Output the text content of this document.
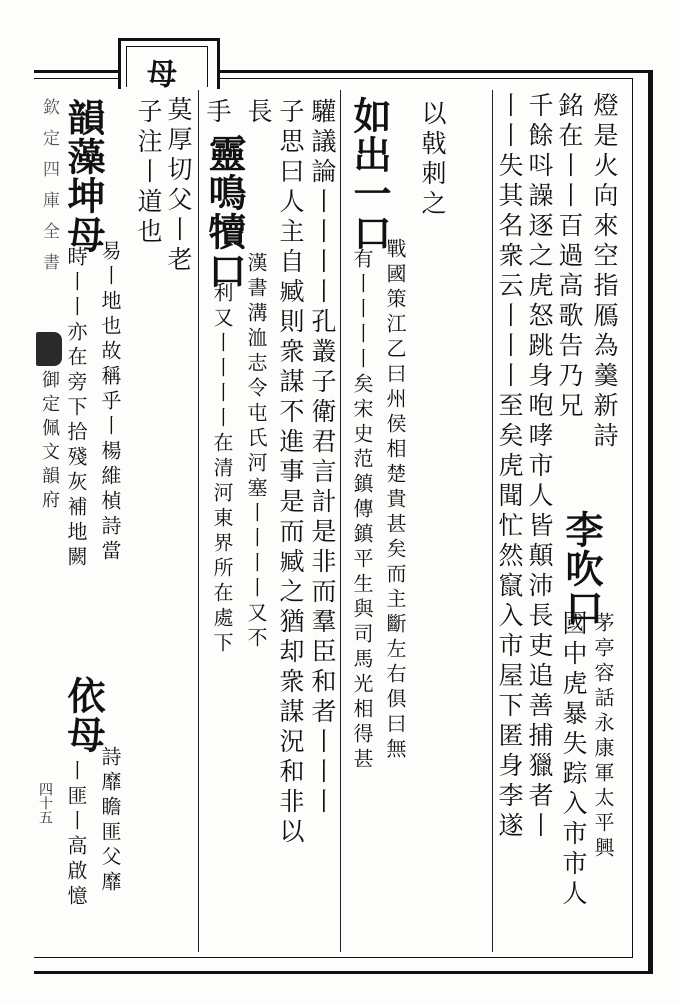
欽定四庫全書
御定佩文韻府
四十五
燈是火向來空指鴈為羹新詩
銘在丨丨百過高歌告乃兄
李吹口
茅亭容話永康軍太平興
千餘呌譟逐之虎怒跳身咆哮市人皆顛沛長吏追善捕獵者丨 國中虎暴失踪入市市人
丨丨失其名衆云丨丨丨至矣虎聞忙然竄入市屋下匿身李遂
以戟刺之
如出一口
戰國策江乙曰州侯相楚貴甚矣而主斷左右俱曰無
有丨丨丨丨矣宋史范鎮傳鎮平生與司馬光相得甚
驩議論丨丨丨丨孔叢子衛君言計是非而羣臣和者丨丨丨
子思曰人主自臧則衆謀不進事是而臧之猶却衆謀況和非以
長
靈鳴犢口
漢書溝洫志令屯氏河塞丨丨丨丨又不
利又丨丨丨丨在清河東界所在處下
手
母
莫厚切父丨老
子注丨道也
韻藻坤母
易丨地也故稱乎丨楊維楨詩當
時丨丨亦在旁下拾殘灰補地闕
依母
詩靡瞻匪父靡
丨匪丨高啟憶
